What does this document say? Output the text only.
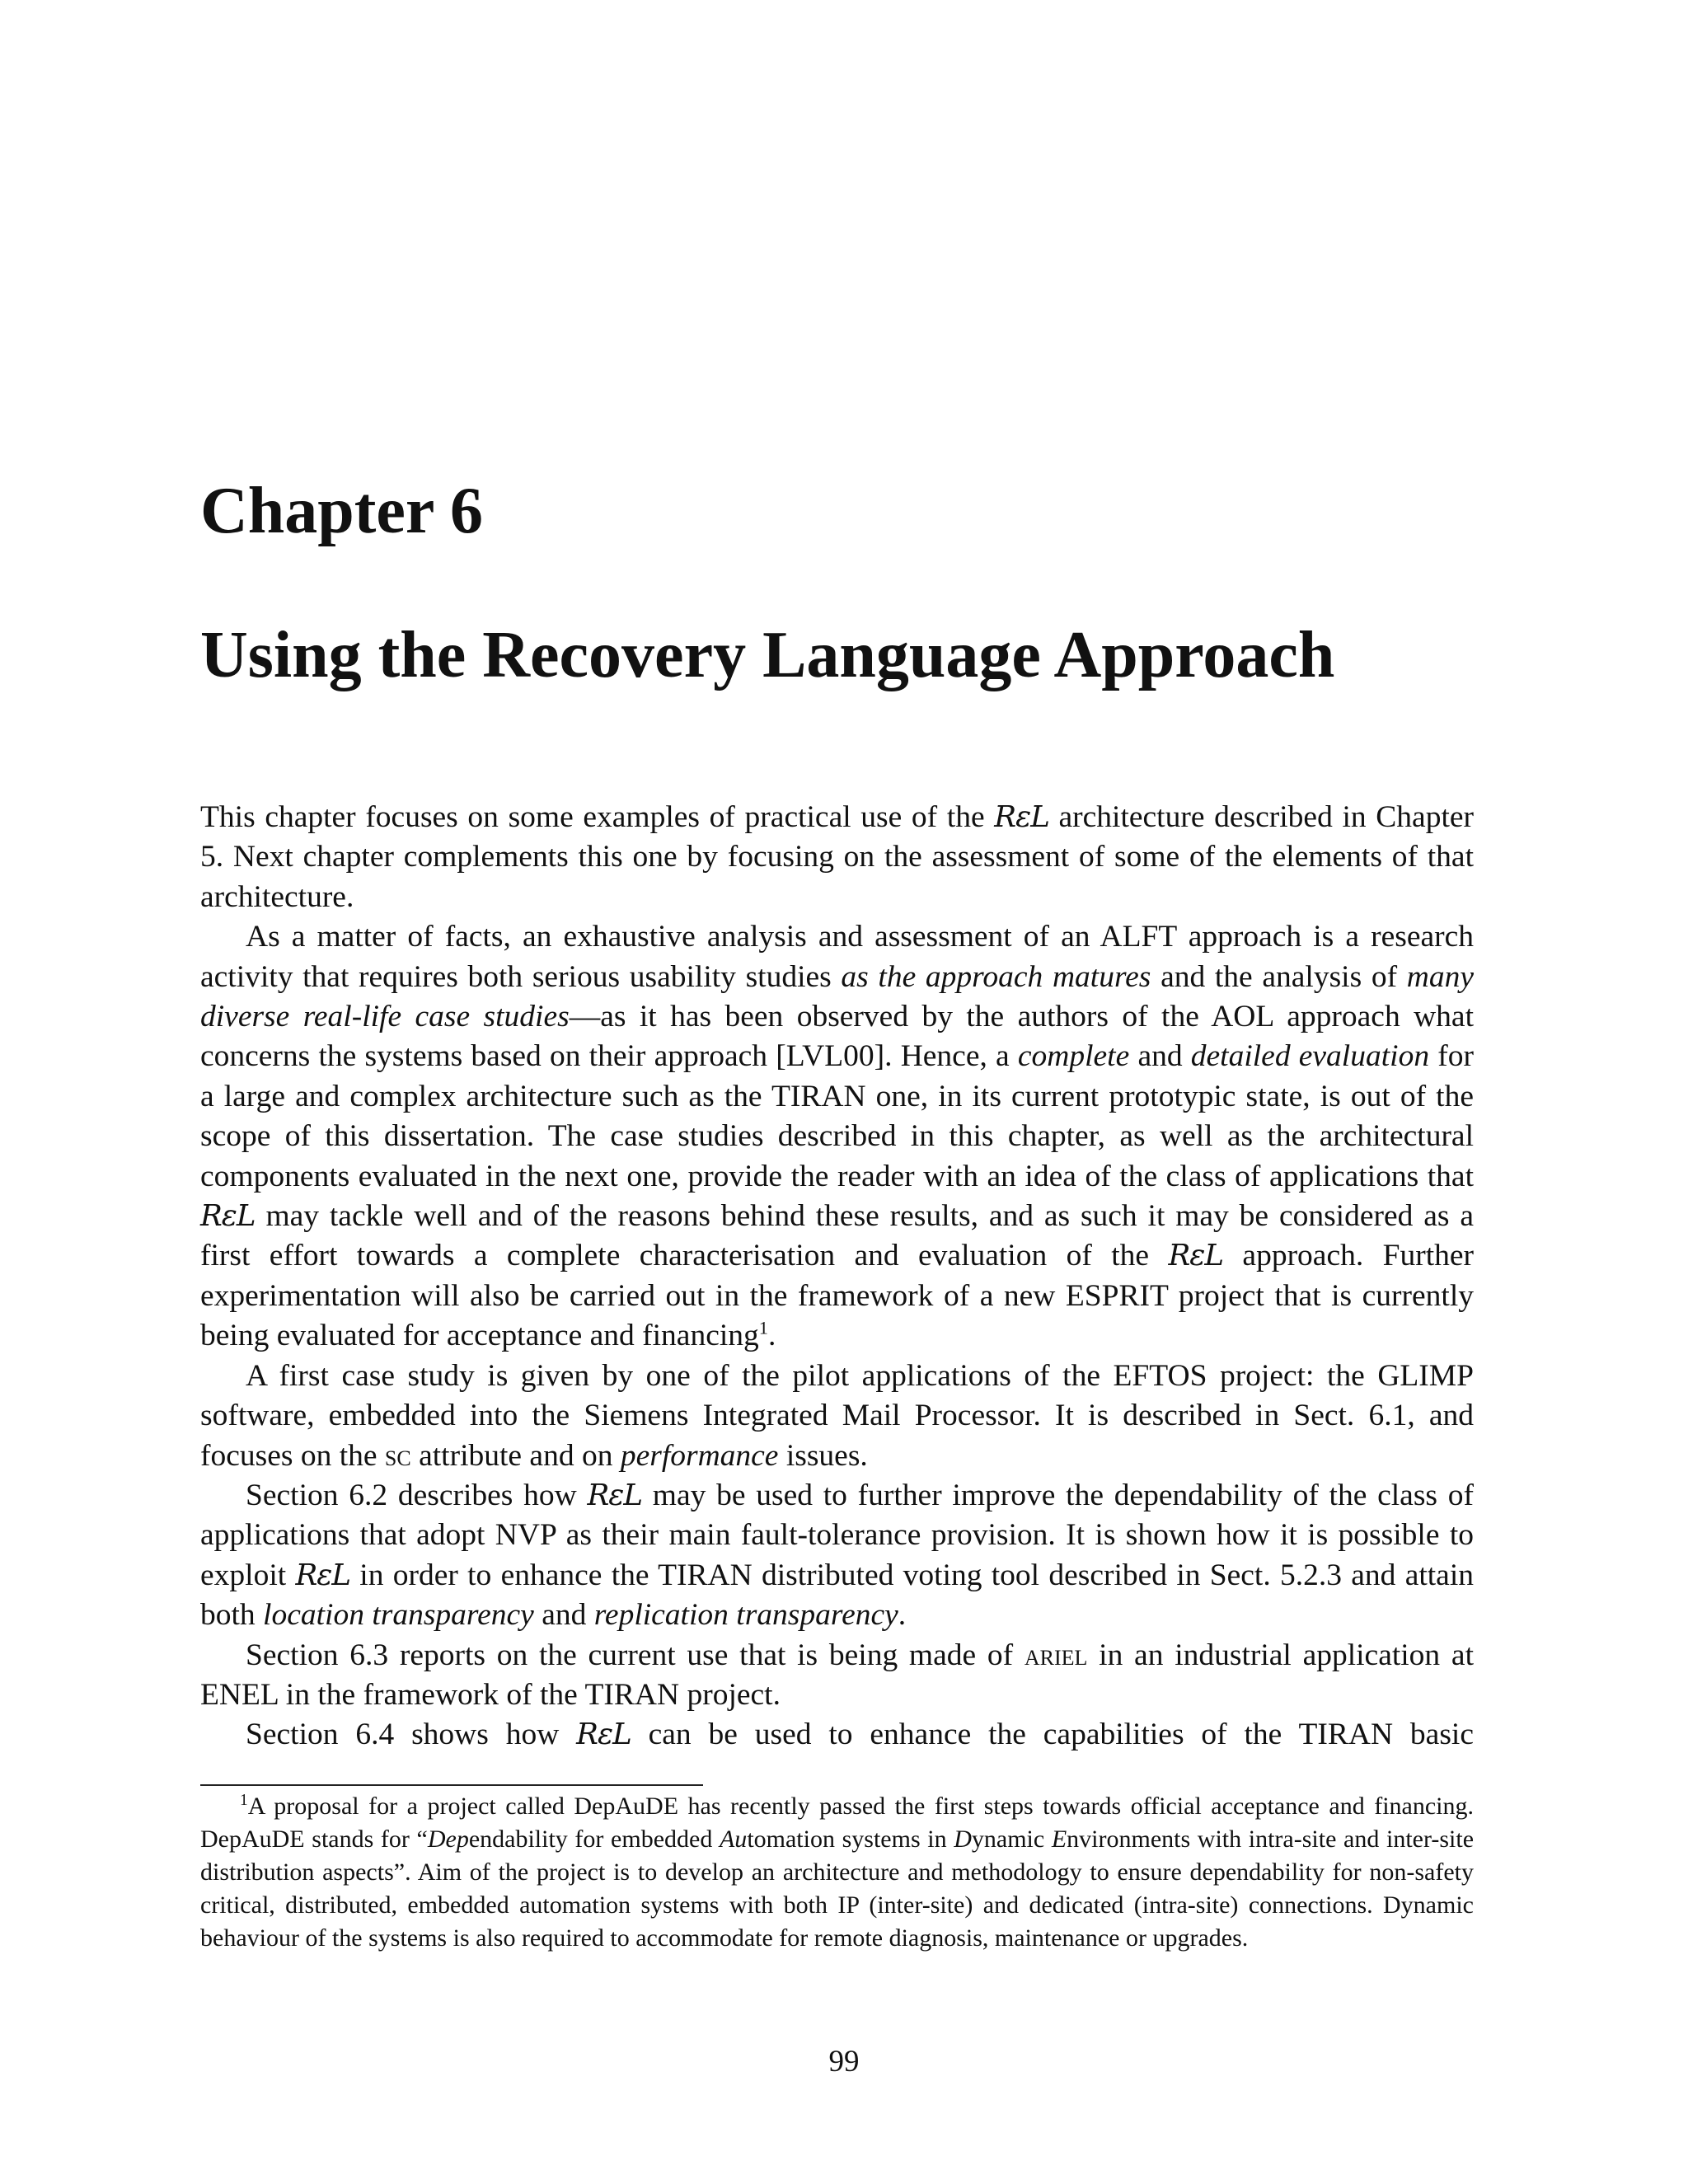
Chapter 6
Using the Recovery Language Approach

This chapter focuses on some examples of practical use of the RεL architecture described in Chapter 5. Next chapter complements this one by focusing on the assessment of some of the elements of that architecture.

As a matter of facts, an exhaustive analysis and assessment of an ALFT approach is a research activity that requires both serious usability studies as the approach matures and the analysis of many diverse real-life case studies—as it has been observed by the authors of the AOL approach what concerns the systems based on their approach [LVL00]. Hence, a complete and detailed evaluation for a large and complex architecture such as the TIRAN one, in its current prototypic state, is out of the scope of this dissertation. The case studies described in this chapter, as well as the architectural components evaluated in the next one, provide the reader with an idea of the class of applications that RεL may tackle well and of the reasons behind these results, and as such it may be considered as a first effort towards a complete characterisation and evaluation of the RεL approach. Further experimentation will also be carried out in the framework of a new ESPRIT project that is currently being evaluated for acceptance and financing$^1$.

A first case study is given by one of the pilot applications of the EFTOS project: the GLIMP software, embedded into the Siemens Integrated Mail Processor. It is described in Sect. 6.1, and focuses on the sc attribute and on performance issues.

Section 6.2 describes how RεL may be used to further improve the dependability of the class of applications that adopt NVP as their main fault-tolerance provision. It is shown how it is possible to exploit RεL in order to enhance the TIRAN distributed voting tool described in Sect. 5.2.3 and attain both location transparency and replication transparency.

Section 6.3 reports on the current use that is being made of ariel in an industrial application at ENEL in the framework of the TIRAN project.

Section 6.4 shows how RεL can be used to enhance the capabilities of the TIRAN basic

$^1$A proposal for a project called DepAuDE has recently passed the first steps towards official acceptance and financing. DepAuDE stands for “Dependability for embedded Automation systems in Dynamic Environments with intra-site and inter-site distribution aspects”. Aim of the project is to develop an architecture and methodology to ensure dependability for non-safety critical, distributed, embedded automation systems with both IP (inter-site) and dedicated (intra-site) connections. Dynamic behaviour of the systems is also required to accommodate for remote diagnosis, maintenance or upgrades.

99
